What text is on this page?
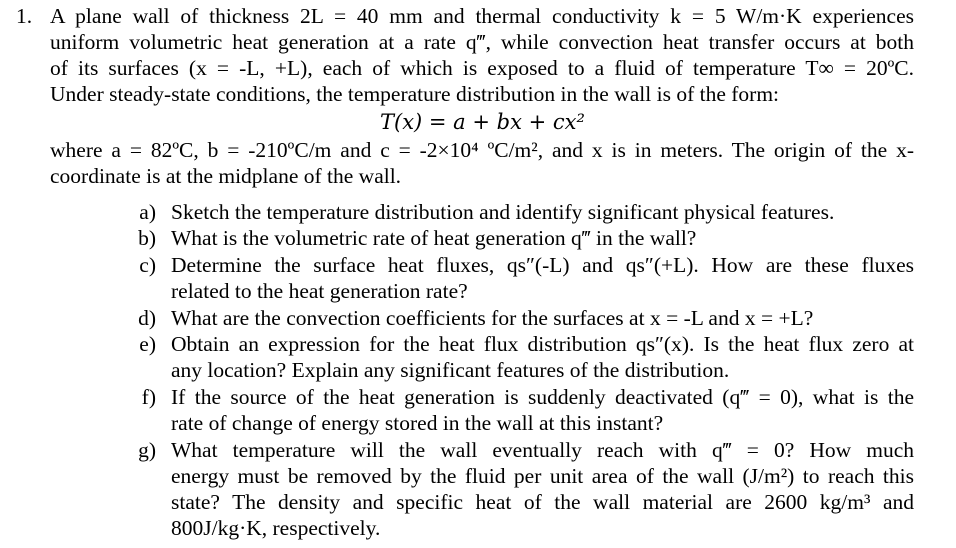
1. A plane wall of thickness 2L = 40 mm and thermal conductivity k = 5 W/m·K experiences
uniform volumetric heat generation at a rate q‴, while convection heat transfer occurs at both
of its surfaces (x = -L, +L), each of which is exposed to a fluid of temperature T∞ = 20ºC.
Under steady-state conditions, the temperature distribution in the wall is of the form:
T(x) = a + bx + cx²
where a = 82ºC, b = -210ºC/m and c = -2×10⁴ ºC/m², and x is in meters. The origin of the x-
coordinate is at the midplane of the wall.
a) Sketch the temperature distribution and identify significant physical features.
b) What is the volumetric rate of heat generation q‴ in the wall?
c) Determine the surface heat fluxes, qs″(-L) and qs″(+L). How are these fluxes
related to the heat generation rate?
d) What are the convection coefficients for the surfaces at x = -L and x = +L?
e) Obtain an expression for the heat flux distribution qs″(x). Is the heat flux zero at
any location? Explain any significant features of the distribution.
f) If the source of the heat generation is suddenly deactivated (q‴ = 0), what is the
rate of change of energy stored in the wall at this instant?
g) What temperature will the wall eventually reach with q‴ = 0? How much
energy must be removed by the fluid per unit area of the wall (J/m²) to reach this
state? The density and specific heat of the wall material are 2600 kg/m³ and
800J/kg·K, respectively.
